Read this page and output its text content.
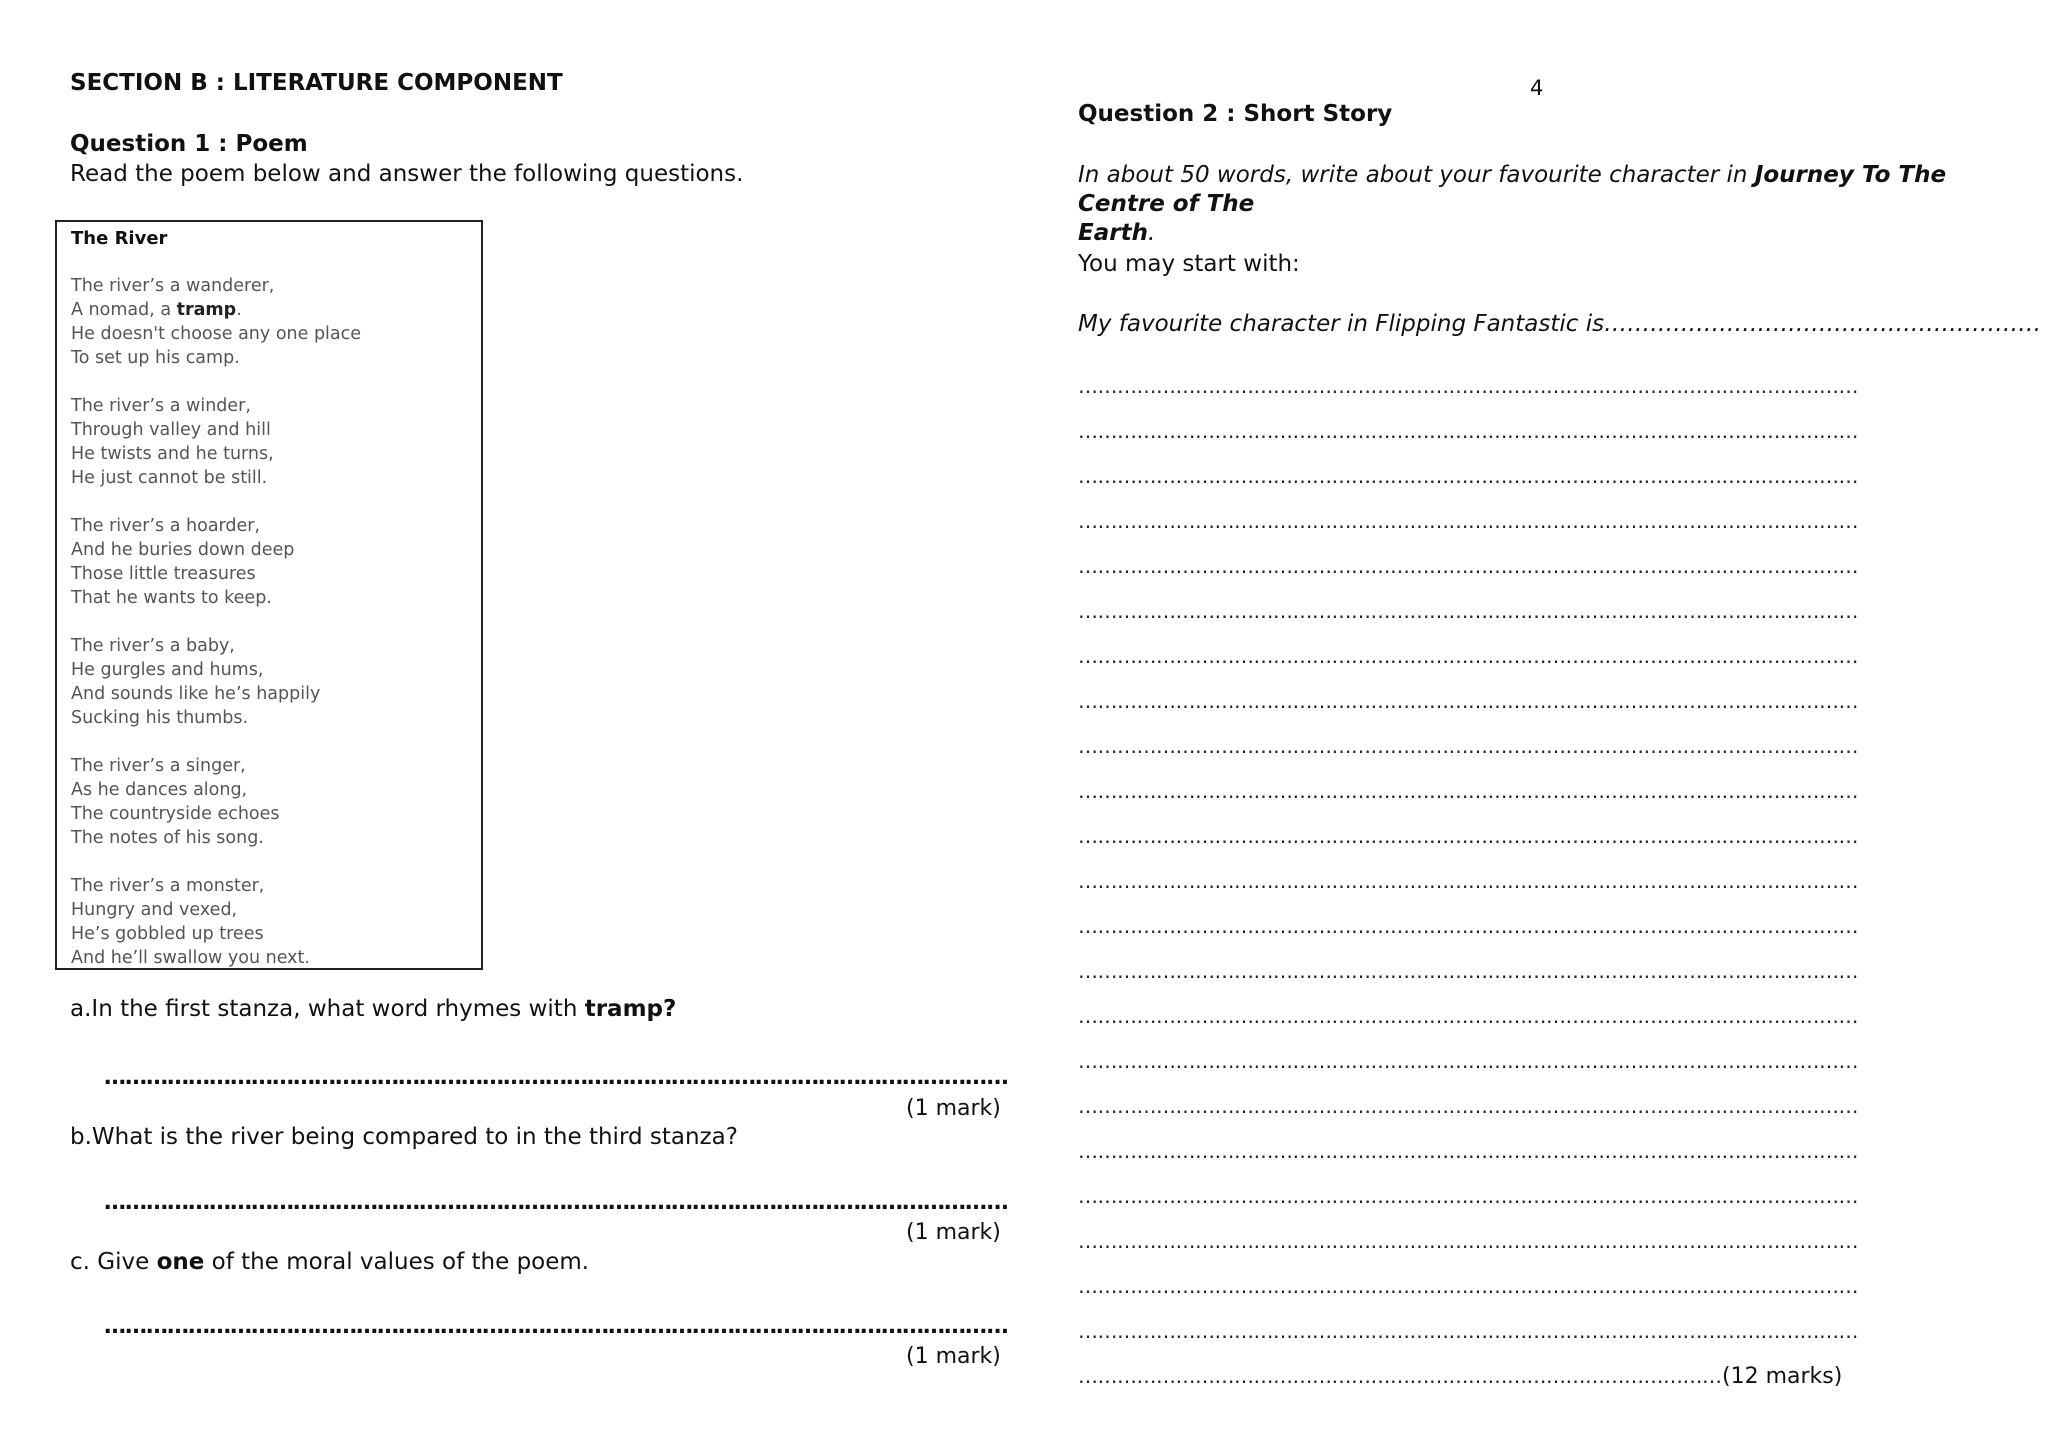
SECTION B : LITERATURE COMPONENT
Question 1 : Poem
Read the poem below and answer the following questions.
The River
The river’s a wanderer,
A nomad, a tramp.
He doesn't choose any one place
To set up his camp.
The river’s a winder,
Through valley and hill
He twists and he turns,
He just cannot be still.
The river’s a hoarder,
And he buries down deep
Those little treasures
That he wants to keep.
The river’s a baby,
He gurgles and hums,
And sounds like he’s happily
Sucking his thumbs.
The river’s a singer,
As he dances along,
The countryside echoes
The notes of his song.
The river’s a monster,
Hungry and vexed,
He’s gobbled up trees
And he’ll swallow you next.
a.In the first stanza, what word rhymes with tramp?
………………………………………………………………………………………………………………...
(1 mark)
b.What is the river being compared to in the third stanza?
………………………………………………………………………………………………………………...
(1 mark)
c. Give one of the moral values of the poem.
………………………………………………………………………………………………………………...
(1 mark)
4
Question 2 : Short Story
In about 50 words, write about your favourite character in Journey To The Centre of The
Earth.
You may start with:
My favourite character in Flipping Fantastic is…………………………………………………
…………………………………………………………………………………………………………
…………………………………………………………………………………………………………
…………………………………………………………………………………………………………
…………………………………………………………………………………………………………
…………………………………………………………………………………………………………
…………………………………………………………………………………………………………
…………………………………………………………………………………………………………
…………………………………………………………………………………………………………
…………………………………………………………………………………………………………
…………………………………………………………………………………………………………
…………………………………………………………………………………………………………
…………………………………………………………………………………………………………
…………………………………………………………………………………………………………
…………………………………………………………………………………………………………
…………………………………………………………………………………………………………
…………………………………………………………………………………………………………
…………………………………………………………………………………………………………
…………………………………………………………………………………………………………
…………………………………………………………………………………………………………
…………………………………………………………………………………………………………
…………………………………………………………………………………………………………
…………………………………………………………………………………………………………
……………………………………………………………………………………… (12 marks)
